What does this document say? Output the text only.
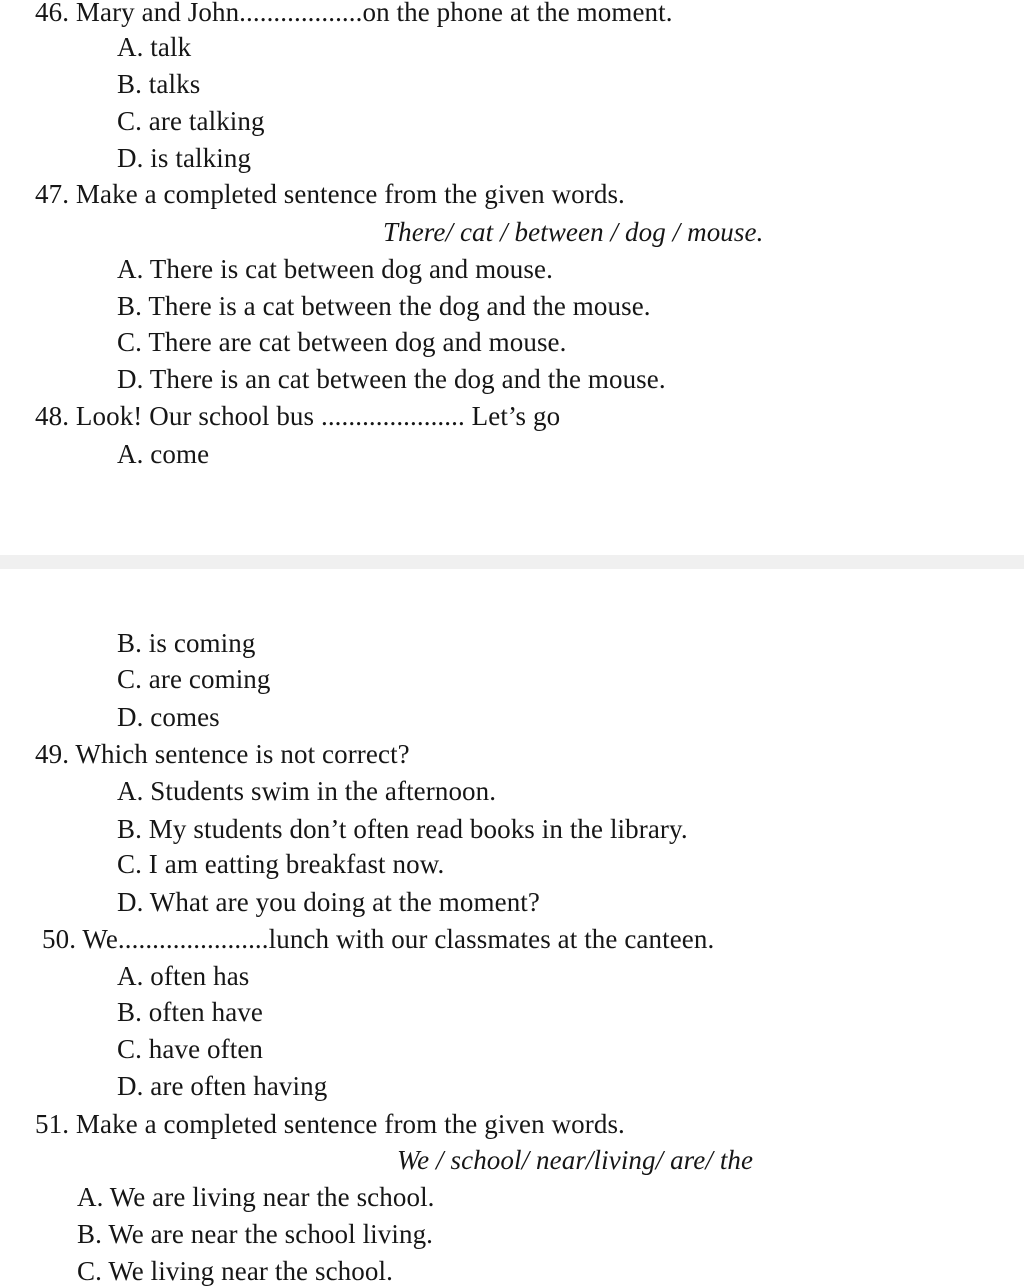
46. Mary and John..................on the phone at the moment.
A. talk
B. talks
C. are talking
D. is talking
47. Make a completed sentence from the given words.
There/ cat / between / dog / mouse.
A. There is cat between dog and mouse.
B. There is a cat between the dog and the mouse.
C. There are cat between dog and mouse.
D. There is an cat between the dog and the mouse.
48. Look! Our school bus ..................... Let’s go
A. come
B. is coming
C. are coming
D. comes
49. Which sentence is not correct?
A. Students swim in the afternoon.
B. My students don’t often read books in the library.
C. I am eatting breakfast now.
D. What are you doing at the moment?
50. We......................lunch with our classmates at the canteen.
A. often has
B. often have
C. have often
D. are often having
51. Make a completed sentence from the given words.
We / school/ near/living/ are/ the
A. We are living near the school.
B. We are near the school living.
C. We living near the school.
